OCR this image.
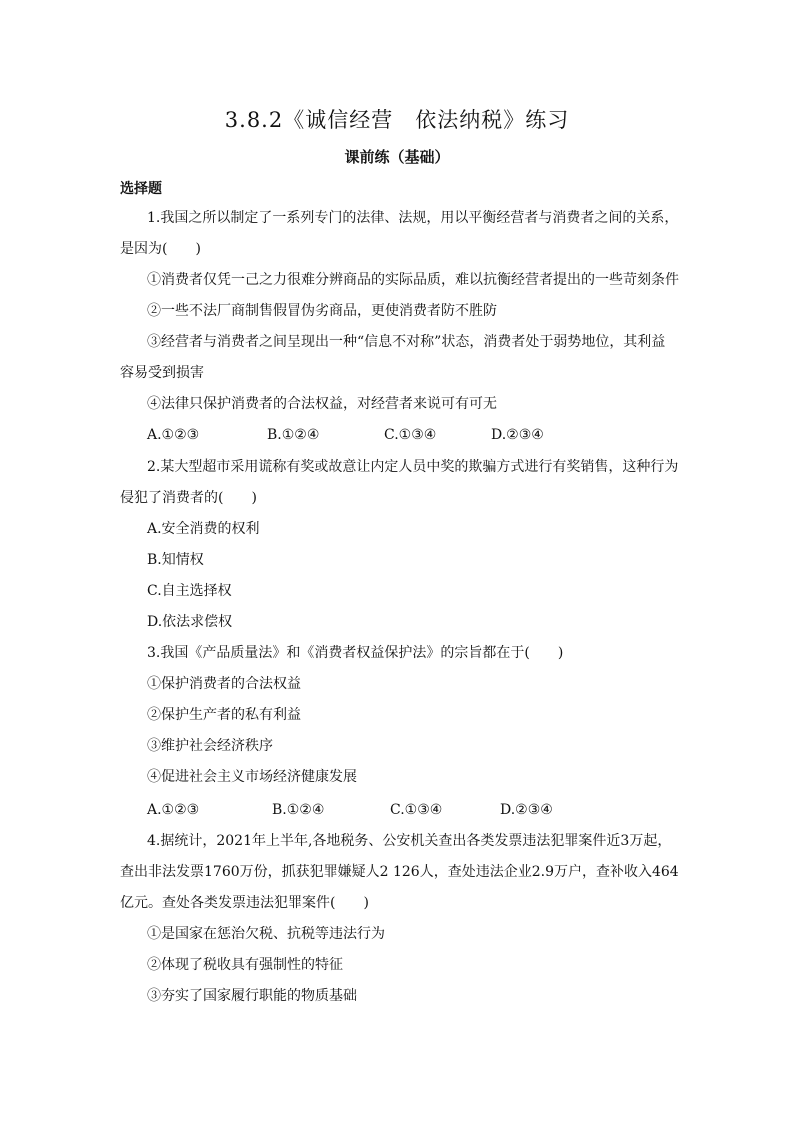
3.8.2《诚信经营　依法纳税》练习
课前练（基础）
选择题
1.我国之所以制定了一系列专门的法律、法规，用以平衡经营者与消费者之间的关系，
是因为(　　)
①消费者仅凭一己之力很难分辨商品的实际品质，难以抗衡经营者提出的一些苛刻条件
②一些不法厂商制售假冒伪劣商品，更使消费者防不胜防
③经营者与消费者之间呈现出一种“信息不对称”状态，消费者处于弱势地位，其利益
容易受到损害
④法律只保护消费者的合法权益，对经营者来说可有可无
A.①②③	B.①②④	C.①③④	D.②③④
2.某大型超市采用谎称有奖或故意让内定人员中奖的欺骗方式进行有奖销售，这种行为
侵犯了消费者的(　　)
A.安全消费的权利
B.知情权
C.自主选择权
D.依法求偿权
3.我国《产品质量法》和《消费者权益保护法》的宗旨都在于(　　)
①保护消费者的合法权益
②保护生产者的私有利益
③维护社会经济秩序
④促进社会主义市场经济健康发展
A.①②③	B.①②④	C.①③④	D.②③④
4.据统计，2021年上半年,各地税务、公安机关查出各类发票违法犯罪案件近3万起，
查出非法发票1760万份，抓获犯罪嫌疑人2 126人，查处违法企业2.9万户，查补收入464
亿元。查处各类发票违法犯罪案件(　　)
①是国家在惩治欠税、抗税等违法行为
②体现了税收具有强制性的特征
③夯实了国家履行职能的物质基础
